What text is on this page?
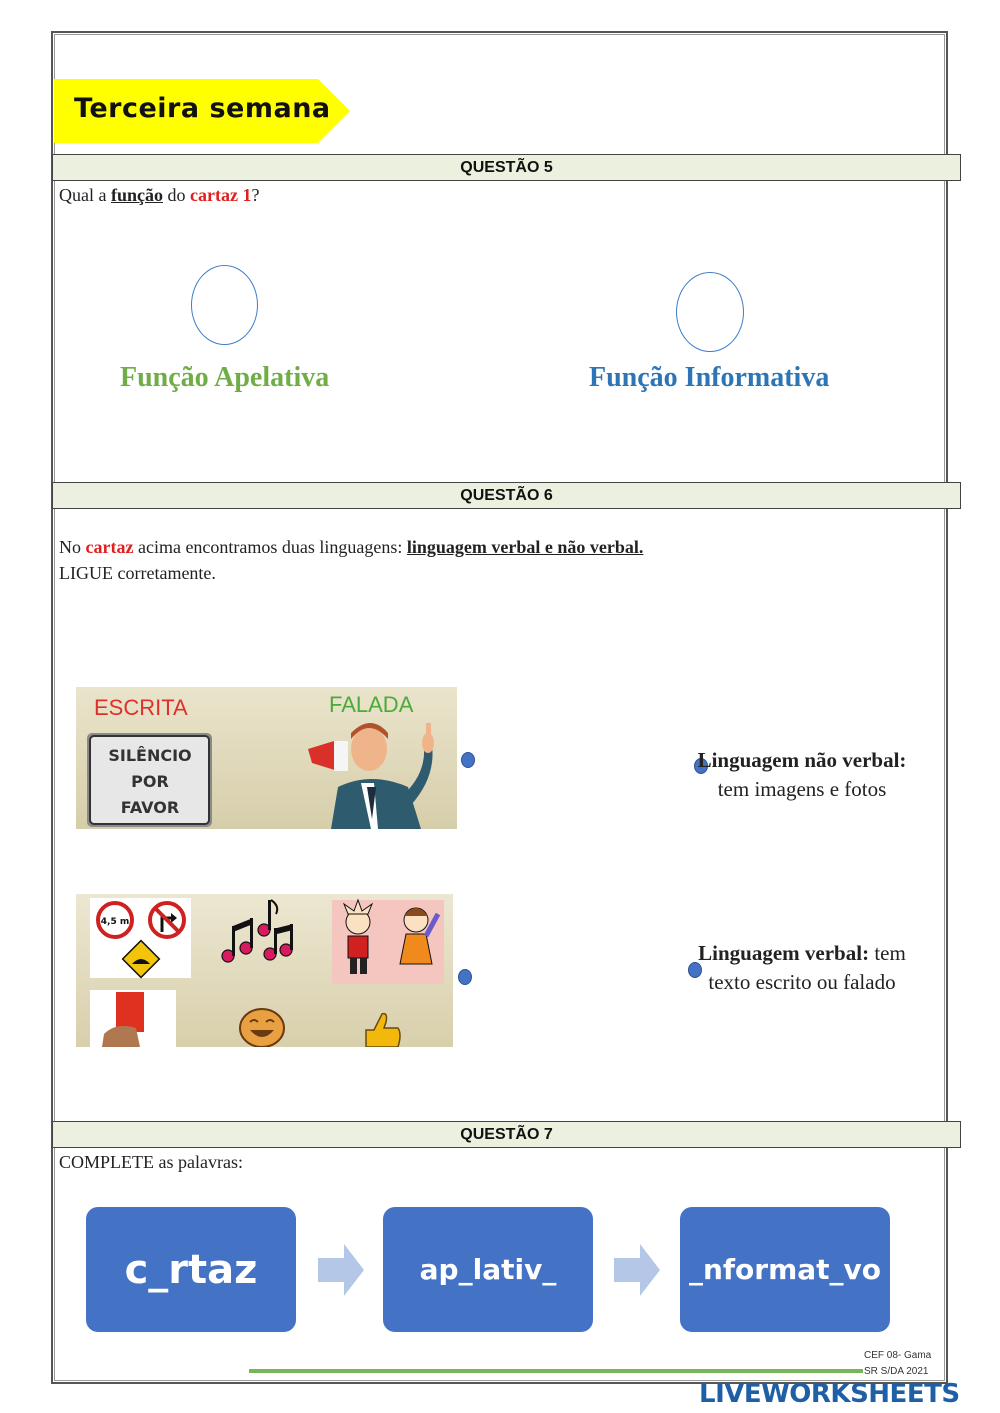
Terceira semana
QUESTÃO 5
Qual a função do cartaz 1?
Função Apelativa	Função Informativa
QUESTÃO 6
No cartaz acima encontramos duas linguagens: linguagem verbal e não verbal.
LIGUE corretamente.
ESCRITA	FALADA
SILÊNCIO
POR
FAVOR
4,5 m
Linguagem não verbal: tem imagens e fotos
Linguagem verbal: tem texto escrito ou falado
QUESTÃO 7
COMPLETE as palavras:
c_rtaz	ap_lativ_	_nformat_vo
CEF 08- Gama
SR S/DA 2021
LIVEWORKSHEETS
